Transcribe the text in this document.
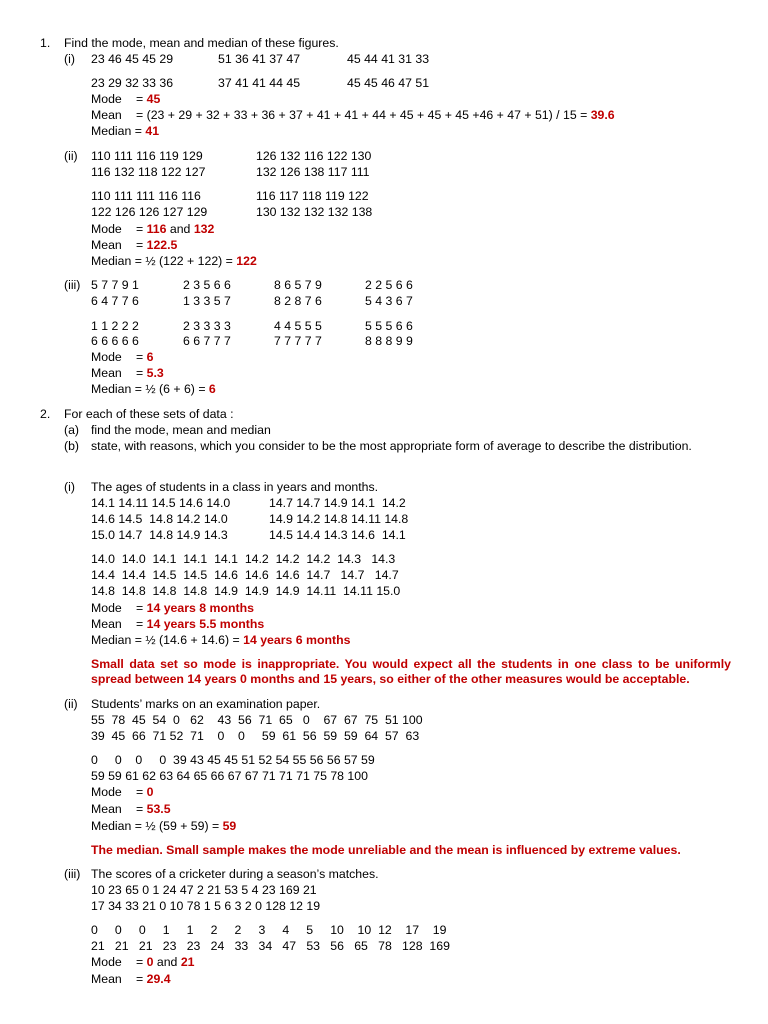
1. Find the mode, mean and median of these figures.
(i) 23 46 45 45 29	51 36 41 37 47	45 44 41 31 33
23 29 32 33 36	37 41 41 44 45	45 45 46 47 51
Mode = 45
Mean = (23 + 29 + 32 + 33 + 36 + 37 + 41 + 41 + 44 + 45 + 45 + 45 +46 + 47 + 51) / 15 = 39.6
Median = 41
(ii) 110 111 116 119 129	126 132 116 122 130
116 132 118 122 127	132 126 138 117 111
110 111 111 116 116	116 117 118 119 122
122 126 126 127 129	130 132 132 132 138
Mode = 116 and 132
Mean = 122.5
Median = ½ (122 + 122) = 122
(iii) 5 7 7 9 1	2 3 5 6 6	8 6 5 7 9	2 2 5 6 6
6 4 7 7 6	1 3 3 5 7	8 2 8 7 6	5 4 3 6 7
1 1 2 2 2	2 3 3 3 3	4 4 5 5 5	5 5 5 6 6
6 6 6 6 6	6 6 7 7 7	7 7 7 7 7	8 8 8 9 9
Mode = 6
Mean = 5.3
Median = ½ (6 + 6) = 6
2. For each of these sets of data :
(a) find the mode, mean and median
(b) state, with reasons, which you consider to be the most appropriate form of average to describe the distribution.
(i) The ages of students in a class in years and months.
14.1 14.11 14.5 14.6 14.0	14.7 14.7 14.9 14.1  14.2
14.6 14.5  14.8 14.2 14.0	14.9 14.2 14.8 14.11 14.8
15.0 14.7  14.8 14.9 14.3	14.5 14.4 14.3 14.6  14.1
14.0  14.0  14.1  14.1  14.1  14.2  14.2  14.2  14.3   14.3
14.4  14.4  14.5  14.5  14.6  14.6  14.6  14.7   14.7   14.7
14.8  14.8  14.8  14.8  14.9  14.9  14.9  14.11  14.11 15.0
Mode = 14 years 8 months
Mean = 14 years 5.5 months
Median = ½ (14.6 + 14.6) = 14 years 6 months
Small data set so mode is inappropriate. You would expect all the students in one class to be uniformly spread between 14 years 0 months and 15 years, so either of the other measures would be acceptable.
(ii) Students’ marks on an examination paper.
55  78  45  54  0   62    43  56  71  65   0    67  67  75  51 100
39  45  66  71 52  71    0    0     59  61  56  59  59  64  57  63
0     0    0     0  39 43 45 45 51 52 54 55 56 56 57 59
59 59 61 62 63 64 65 66 67 67 71 71 71 75 78 100
Mode = 0
Mean = 53.5
Median = ½ (59 + 59) = 59
The median. Small sample makes the mode unreliable and the mean is influenced by extreme values.
(iii) The scores of a cricketer during a season’s matches.
10 23 65 0 1 24 47 2 21 53 5 4 23 169 21
17 34 33 21 0 10 78 1 5 6 3 2 0 128 12 19
0     0     0     1     1     2     2     3     4     5     10    10  12    17    19
21   21   21   23   23   24   33   34   47   53   56   65   78   128  169
Mode = 0 and 21
Mean = 29.4
